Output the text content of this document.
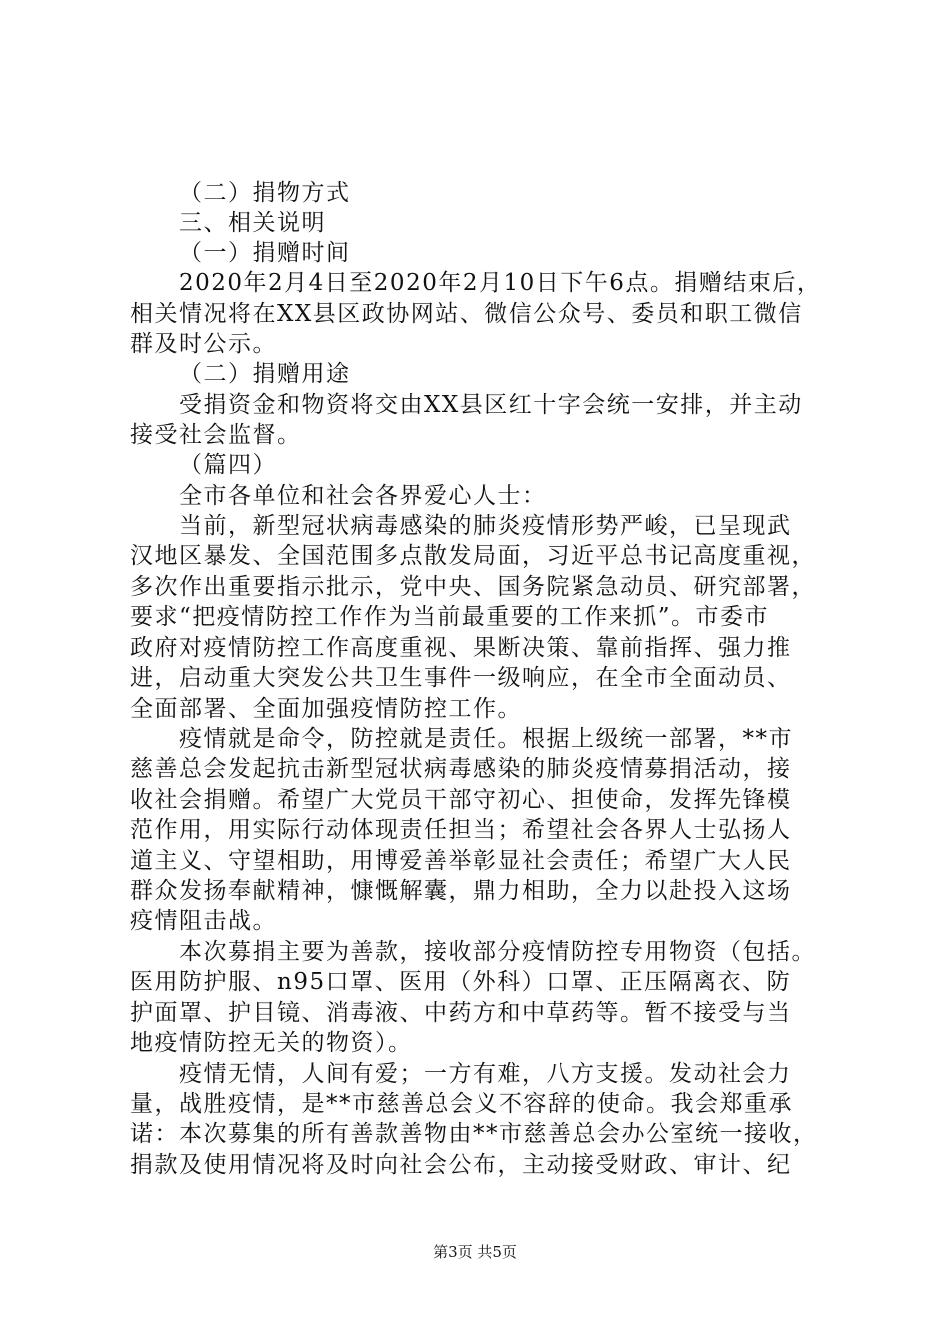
（二）捐物方式
三、相关说明
（一）捐赠时间
2020年2月4日至2020年2月10日下午6点。捐赠结束后，
相关情况将在XX县区政协网站、微信公众号、委员和职工微信
群及时公示。
（二）捐赠用途
受捐资金和物资将交由XX县区红十字会统一安排，并主动
接受社会监督。
（篇四）
全市各单位和社会各界爱心人士：
当前，新型冠状病毒感染的肺炎疫情形势严峻，已呈现武
汉地区暴发、全国范围多点散发局面，习近平总书记高度重视，
多次作出重要指示批示，党中央、国务院紧急动员、研究部署，
要求“把疫情防控工作作为当前最重要的工作来抓”。市委市
政府对疫情防控工作高度重视、果断决策、靠前指挥、强力推
进，启动重大突发公共卫生事件一级响应，在全市全面动员、
全面部署、全面加强疫情防控工作。
疫情就是命令，防控就是责任。根据上级统一部署，**市
慈善总会发起抗击新型冠状病毒感染的肺炎疫情募捐活动，接
收社会捐赠。希望广大党员干部守初心、担使命，发挥先锋模
范作用，用实际行动体现责任担当；希望社会各界人士弘扬人
道主义、守望相助，用博爱善举彰显社会责任；希望广大人民
群众发扬奉献精神，慷慨解囊，鼎力相助，全力以赴投入这场
疫情阻击战。
本次募捐主要为善款，接收部分疫情防控专用物资（包括。
医用防护服、n95口罩、医用（外科）口罩、正压隔离衣、防
护面罩、护目镜、消毒液、中药方和中草药等。暂不接受与当
地疫情防控无关的物资）。
疫情无情，人间有爱；一方有难，八方支援。发动社会力
量，战胜疫情，是**市慈善总会义不容辞的使命。我会郑重承
诺：本次募集的所有善款善物由**市慈善总会办公室统一接收，
捐款及使用情况将及时向社会公布，主动接受财政、审计、纪
第3页 共5页
